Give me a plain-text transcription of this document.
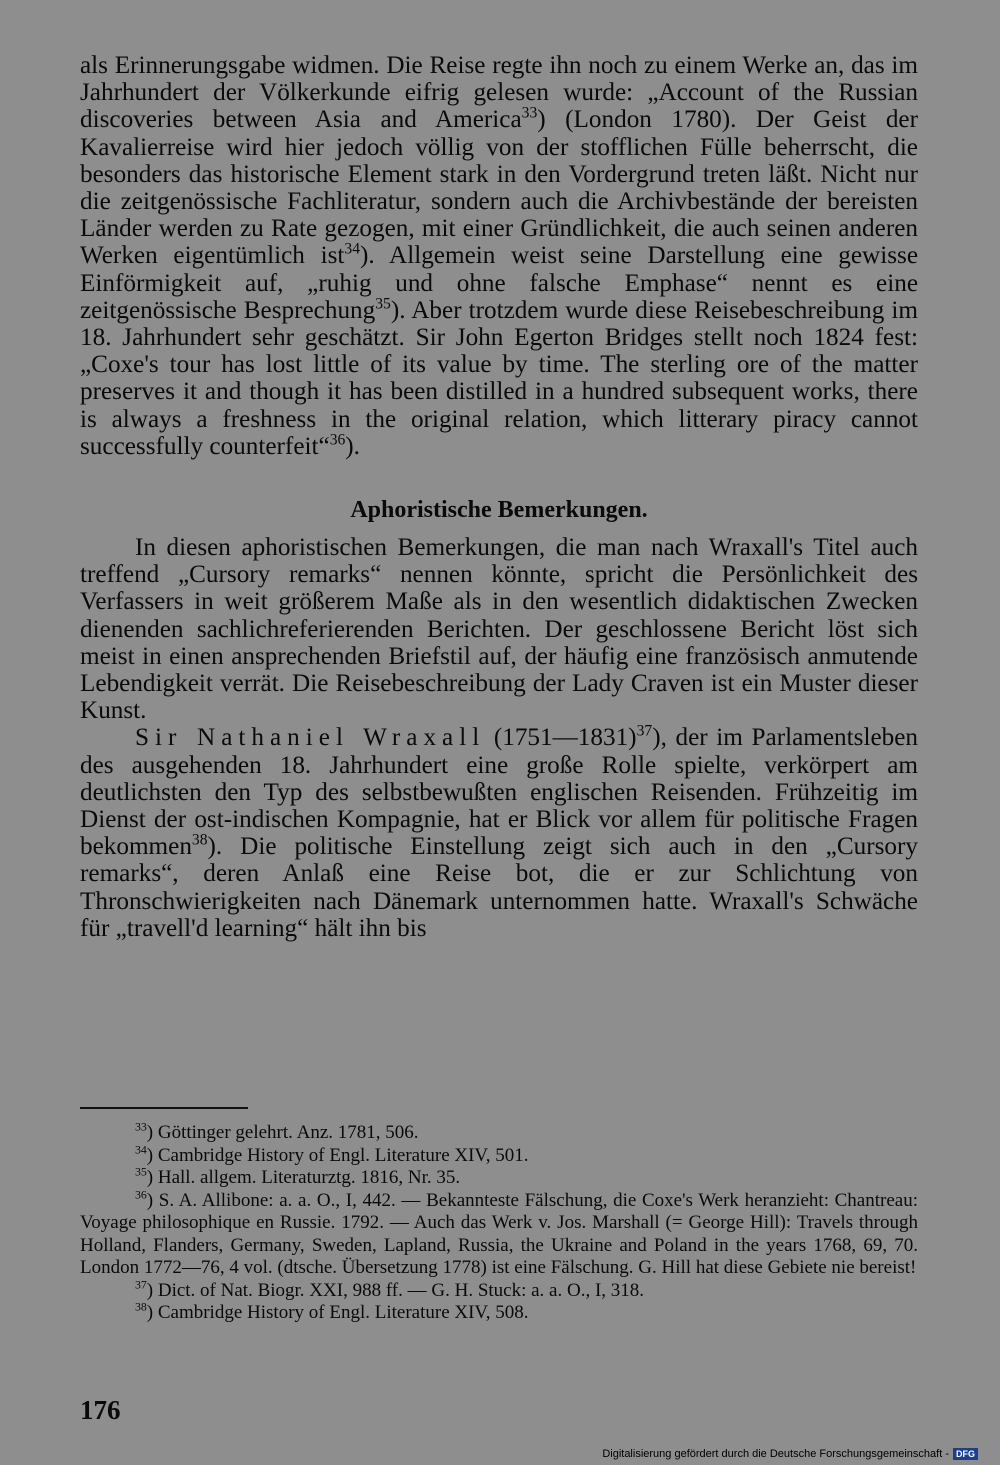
als Erinnerungsgabe widmen. Die Reise regte ihn noch zu einem Werke an, das im Jahrhundert der Völkerkunde eifrig gelesen wurde: „Account of the Russian discoveries between Asia and America$^{33}$) (London 1780). Der Geist der Kavalierreise wird hier jedoch völlig von der stofflichen Fülle beherrscht, die besonders das historische Element stark in den Vordergrund treten läßt. Nicht nur die zeitgenössische Fachliteratur, sondern auch die Archivbestände der bereisten Länder werden zu Rate gezogen, mit einer Gründlichkeit, die auch seinen anderen Werken eigentümlich ist$^{34}$). Allgemein weist seine Darstellung eine gewisse Einförmigkeit auf, „ruhig und ohne falsche Emphase“ nennt es eine zeitgenössische Besprechung$^{35}$). Aber trotzdem wurde diese Reisebeschreibung im 18. Jahrhundert sehr geschätzt. Sir John Egerton Bridges stellt noch 1824 fest: „Coxe's tour has lost little of its value by time. The sterling ore of the matter preserves it and though it has been distilled in a hundred subsequent works, there is always a freshness in the original relation, which litterary piracy cannot successfully counterfeit“$^{36}$).

Aphoristische Bemerkungen.

In diesen aphoristischen Bemerkungen, die man nach Wraxall's Titel auch treffend „Cursory remarks“ nennen könnte, spricht die Persönlichkeit des Verfassers in weit größerem Maße als in den wesentlich didaktischen Zwecken dienenden sachlichreferierenden Berichten. Der geschlossene Bericht löst sich meist in einen ansprechenden Briefstil auf, der häufig eine französisch anmutende Lebendigkeit verrät. Die Reisebeschreibung der Lady Craven ist ein Muster dieser Kunst.

Sir Nathaniel Wraxall (1751—1831)$^{37}$), der im Parlamentsleben des ausgehenden 18. Jahrhundert eine große Rolle spielte, verkörpert am deutlichsten den Typ des selbstbewußten englischen Reisenden. Frühzeitig im Dienst der ost-indischen Kompagnie, hat er Blick vor allem für politische Fragen bekommen$^{38}$). Die politische Einstellung zeigt sich auch in den „Cursory remarks“, deren Anlaß eine Reise bot, die er zur Schlichtung von Thronschwierigkeiten nach Dänemark unternommen hatte. Wraxall's Schwäche für „travell'd learning“ hält ihn bis

$^{33}$) Göttinger gelehrt. Anz. 1781, 506.

$^{34}$) Cambridge History of Engl. Literature XIV, 501.

$^{35}$) Hall. allgem. Literaturztg. 1816, Nr. 35.

$^{36}$) S. A. Allibone: a. a. O., I, 442. — Bekannteste Fälschung, die Coxe's Werk heranzieht: Chantreau: Voyage philosophique en Russie. 1792. — Auch das Werk v. Jos. Marshall (= George Hill): Travels through Holland, Flanders, Germany, Sweden, Lapland, Russia, the Ukraine and Poland in the years 1768, 69, 70. London 1772—76, 4 vol. (dtsche. Übersetzung 1778) ist eine Fälschung. G. Hill hat diese Gebiete nie bereist!

$^{37}$) Dict. of Nat. Biogr. XXI, 988 ff. — G. H. Stuck: a. a. O., I, 318.

$^{38}$) Cambridge History of Engl. Literature XIV, 508.

176
Digitalisierung gefördert durch die Deutsche Forschungsgemeinschaft - DFG
